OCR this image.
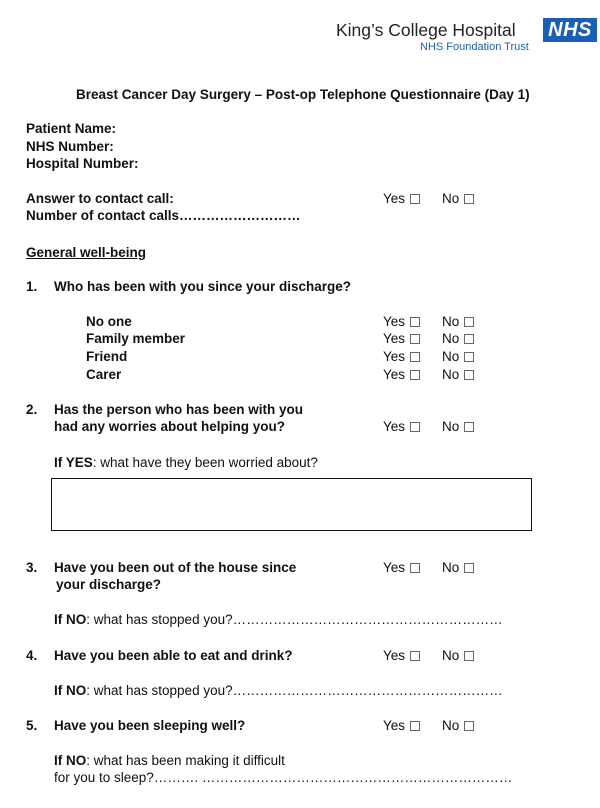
King’s College Hospital
NHS Foundation Trust
NHS
Breast Cancer Day Surgery – Post-op Telephone Questionnaire (Day 1)
Patient Name:
NHS Number:
Hospital Number:
Answer to contact call:	Yes	No
Number of contact calls………………………
General well-being
1. Who has been with you since your discharge?
No one	Yes	No
Family member	Yes	No
Friend	Yes	No
Carer	Yes	No
2. Has the person who has been with you
had any worries about helping you?	Yes	No
If YES: what have they been worried about?
3. Have you been out of the house since
your discharge?
Yes	No
If NO: what has stopped you?……………………………………………………
4. Have you been able to eat and drink?	Yes	No
If NO: what has stopped you?……………………………………………………
5. Have you been sleeping well?	Yes	No
If NO: what has been making it difficult
for you to sleep?………. ……………………………………………………………
